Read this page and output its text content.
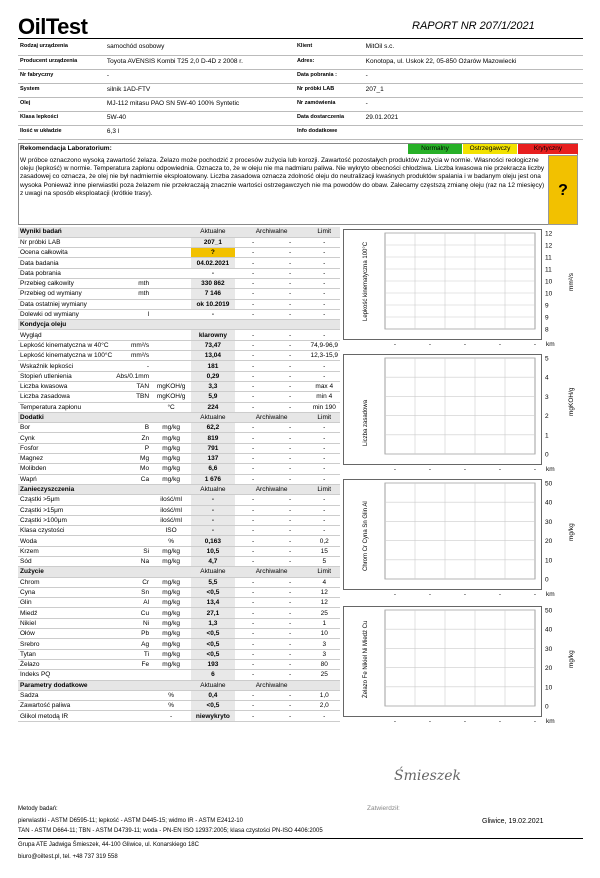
OilTest	RAPORT NR 207/1/2021
Rodzaj urządzenia	samochód osobowy	Klient	MitOil s.c.
Producent urządzenia	Toyota AVENSIS Kombi T25 2,0 D-4D z 2008 r.	Adres:	Konotopa, ul. Uskok 22, 05-850 Ożarów Mazowiecki
Nr fabryczny	-	Data pobrania :	-
System	silnik 1AD-FTV	Nr próbki LAB	207_1
Olej	MJ-112 mitasu PAO SN 5W-40 100% Syntetic	Nr zamówienia	-
Klasa lepkości	5W-40	Data dostarczenia	29.01.2021
Ilość w układzie	6,3 l	Info dodatkowe	
Rekomendacja Laboratorium:	Normalny	Ostrzegawczy	Krytyczny
W próbce oznaczono wysoką zawartość żelaza. Żelazo może pochodzić z procesów zużycia lub korozji. Zawartość pozostałych produktów zużycia w normie. Własności reologiczne oleju (lepkość) w normie. Temperatura zapłonu odpowiednia. Oznacza to, że w oleju nie ma nadmiaru paliwa. Nie wykryto obecności chłodziwa. Liczba kwasowa nie przekracza liczby zasadowej co oznacza, że olej nie był nadmiernie eksploatowany. Liczba zasadowa oznacza zdolność oleju do neutralizacji kwaśnych produktów spalania i w badanym oleju jest ona wysoka Ponieważ inne pierwiastki poza żelazem nie przekraczają znacznie wartości ostrzegawczych nie ma powodów do obaw. Zalecamy częstszą zmianę oleju (raz na 12 miesięcy) z uwagi na sposób eksploatacji (krótkie trasy).	?
Wyniki badań			Aktualne	Archiwalne		Limit
Nr próbki LAB			207_1	-	-	-
Ocena całkowita			?	-	-	-
Data badania			04.02.2021	-	-	-
Data pobrania			-	-	-	-
Przebieg całkowity	mth		330 862	-	-	-
Przebieg od wymiany	mth		7 146	-	-	-
Data ostatniej wymiany			ok 10.2019	-	-	-
Dolewki od wymiany	l		-	-	-	-
Kondycja oleju						
Wygląd			klarowny	-	-	-
Lepkość kinematyczna w 40°C	mm²/s		73,47	-	-	74,9-96,9
Lepkość kinematyczna w 100°C	mm²/s		13,04	-	-	12,3-15,9
Wskaźnik lepkości	-		181	-	-	-
Stopień utlenienia	Abs/0.1mm		0,29	-	-	-
Liczba kwasowa	TAN	mgKOH/g	3,3	-	-	max 4
Liczba zasadowa	TBN	mgKOH/g	5,9	-	-	min 4
Temperatura zapłonu		°C	224	-	-	min 190
Dodatki			Aktualne	Archiwalne		Limit
Bor	B	mg/kg	62,2	-	-	-
Cynk	Zn	mg/kg	819	-	-	-
Fosfor	P	mg/kg	791	-	-	-
Magnez	Mg	mg/kg	137	-	-	-
Molibden	Mo	mg/kg	6,6	-	-	-
Wapń	Ca	mg/kg	1 676	-	-	-
Zanieczyszczenia			Aktualne	Archiwalne		Limit
Cząstki >5μm		ilość/ml	-	-	-	-
Cząstki >15μm		ilość/ml	-	-	-	-
Cząstki >100μm		ilość/ml	-	-	-	-
Klasa czystości		ISO	-	-	-	-
Woda		%	0,163	-	-	0,2
Krzem	Si	mg/kg	10,5	-	-	15
Sód	Na	mg/kg	4,7	-	-	5
Zużycie			Aktualne	Archiwalne		Limit
Chrom	Cr	mg/kg	5,5	-	-	4
Cyna	Sn	mg/kg	<0,5	-	-	12
Glin	Al	mg/kg	13,4	-	-	12
Miedź	Cu	mg/kg	27,1	-	-	25
Nikiel	Ni	mg/kg	1,3	-	-	1
Ołów	Pb	mg/kg	<0,5	-	-	10
Srebro	Ag	mg/kg	<0,5	-	-	3
Tytan	Ti	mg/kg	<0,5	-	-	3
Żelazo	Fe	mg/kg	193	-	-	80
Indeks PQ			6	-	-	25
Parametry dodatkowe			Aktualne	Archiwalne		
Sadza		%	0,4	-	-	1,0
Zawartość paliwa		%	<0,5	-	-	2,0
Glikol metodą IR		-	niewykryto	-	-	-
12
12
11
11
10
10
9
9
8
-	-	-	-	- km
Lepkość kinematyczna 100°C	mm²/s
5
4
3
2
1
0
-	-	-	-	- km
Liczba zasadowa	mgKOH/g
50
40
30
20
10
0
-	-	-	-	- km
Chrom Cr Cyna Sn Glin Al	mg/kg
50
40
30
20
10
0
-	-	-	-	- km
Żelazo Fe Nikiel Ni Miedź Cu	mg/kg
Śmieszek
Zatwierdził:
Metody badań:
pierwiastki - ASTM D6595-11; lepkość - ASTM D445-15; widmo IR - ASTM E2412-10	Gliwice, 19.02.2021
TAN - ASTM D664-11; TBN - ASTM D4739-11; woda - PN-EN ISO 12937:2005; klasa czystości PN-ISO 4406:2005
Grupa ATE Jadwiga Śmieszek, 44-100 Gliwice, ul. Konarskiego 18C
biuro@oiltest.pl, tel. +48 737 319 558
